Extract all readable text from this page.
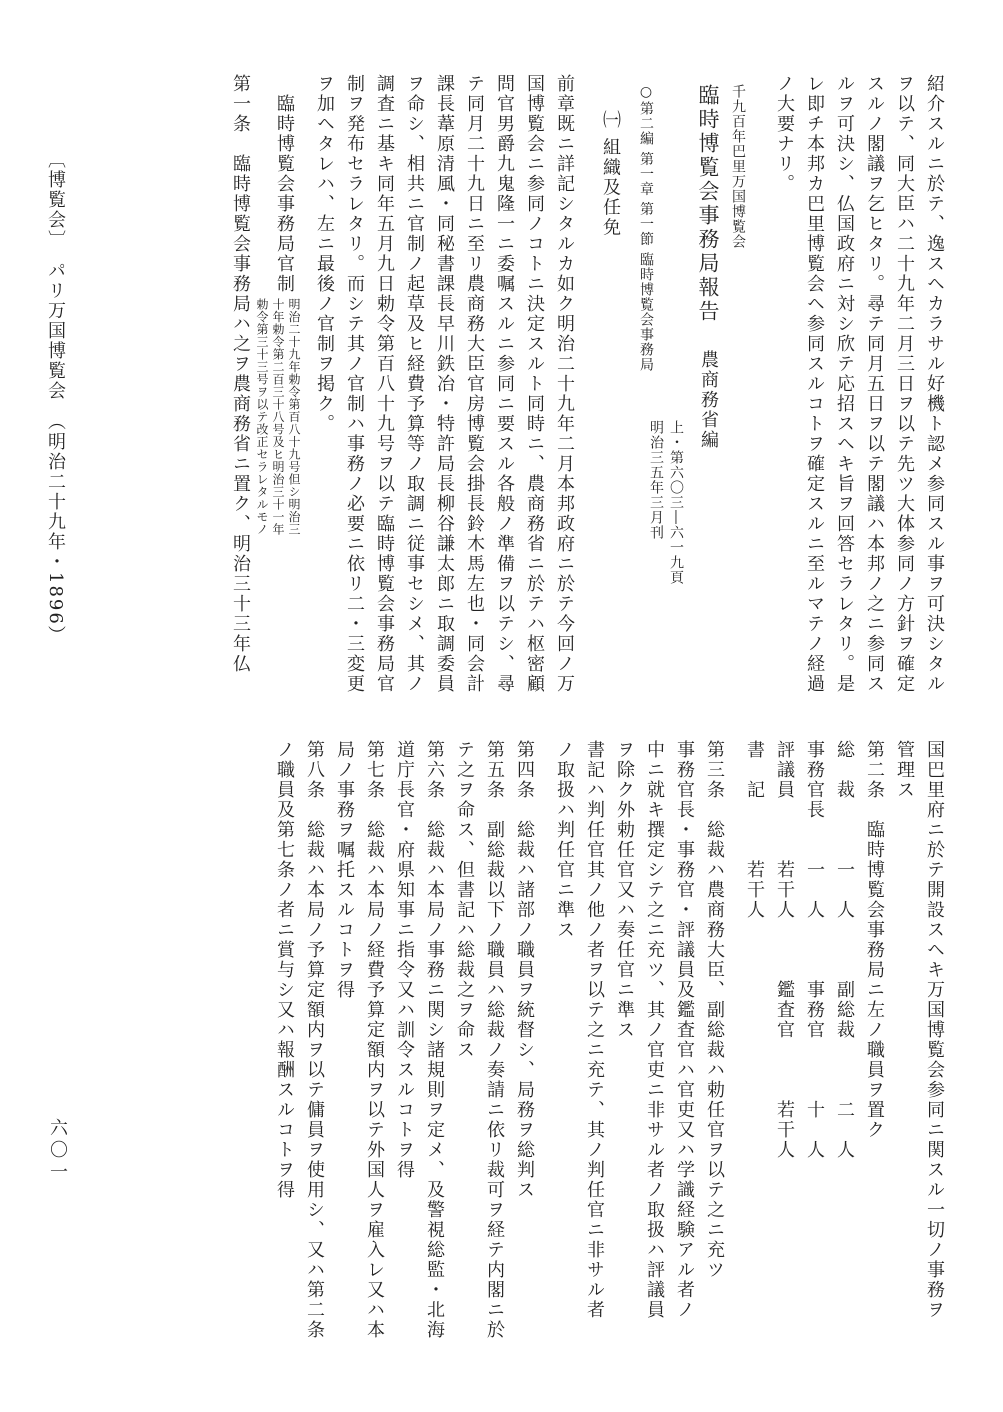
紹介スルニ於テ、逸スヘカラサル好機ト認メ参同スル事ヲ可決シタル
ヲ以テ、同大臣ハ二十九年二月三日ヲ以テ先ツ大体参同ノ方針ヲ確定
スルノ閣議ヲ乞ヒタリ。尋テ同月五日ヲ以テ閣議ハ本邦ノ之ニ参同ス
ルヲ可決シ、仏国政府ニ対シ欣テ応招スヘキ旨ヲ回答セラレタリ。是
レ即チ本邦カ巴里博覧会ヘ参同スルコトヲ確定スルニ至ルマテノ経過
ノ大要ナリ。
千九百年巴里万国博覧会
臨時博覧会事務局報告
農商務省編
上・第六〇三―六一九頁
明治三五年三月刊
○第二編 第一章 第一節 臨時博覧会事務局
㈠ 組織及任免
前章既ニ詳記シタルカ如ク明治二十九年二月本邦政府ニ於テ今回ノ万
国博覧会ニ参同ノコトニ決定スルト同時ニ、農商務省ニ於テハ枢密顧
問官男爵九鬼隆一ニ委嘱スルニ参同ニ要スル各般ノ準備ヲ以テシ、尋
テ同月二十九日ニ至リ農商務大臣官房博覧会掛長鈴木馬左也・同会計
課長葦原清風・同秘書課長早川鉄冶・特許局長柳谷謙太郎ニ取調委員
ヲ命シ、相共ニ官制ノ起草及ヒ経費予算等ノ取調ニ従事セシメ、其ノ
調査ニ基キ同年五月九日勅令第百八十九号ヲ以テ臨時博覧会事務局官
制ヲ発布セラレタリ。而シテ其ノ官制ハ事務ノ必要ニ依リ二・三変更
ヲ加ヘタレハ、左ニ最後ノ官制ヲ掲ク。
臨時博覧会事務局官制
明治二十九年勅令第百八十九号但シ明治三
十年勅令第二百三十八号及ヒ明治三十一年
勅令第三十三号ヲ以テ改正セラレタルモノ
第一条　臨時博覧会事務局ハ之ヲ農商務省ニ置ク、明治三十三年仏
国巴里府ニ於テ開設スヘキ万国博覧会参同ニ関スル一切ノ事務ヲ
管理ス
第二条　臨時博覧会事務局ニ左ノ職員ヲ置ク
総　裁　　　一　人　　　副総裁　　　二　人
事務官長　　一　人　　　事務官　　　十　人
評議員　　　若干人　　　鑑査官　　　若干人
書　記　　　若干人
第三条　総裁ハ農商務大臣、副総裁ハ勅任官ヲ以テ之ニ充ツ
事務官長・事務官・評議員及鑑査官ハ官吏又ハ学識経験アル者ノ
中ニ就キ撰定シテ之ニ充ツ、其ノ官吏ニ非サル者ノ取扱ハ評議員
ヲ除ク外勅任官又ハ奏任官ニ準ス
書記ハ判任官其ノ他ノ者ヲ以テ之ニ充テ、其ノ判任官ニ非サル者
ノ取扱ハ判任官ニ準ス
第四条　総裁ハ諸部ノ職員ヲ統督シ、局務ヲ総判ス
第五条　副総裁以下ノ職員ハ総裁ノ奏請ニ依リ裁可ヲ経テ内閣ニ於
テ之ヲ命ス、但書記ハ総裁之ヲ命ス
第六条　総裁ハ本局ノ事務ニ関シ諸規則ヲ定メ、及警視総監・北海
道庁長官・府県知事ニ指令又ハ訓令スルコトヲ得
第七条　総裁ハ本局ノ経費予算定額内ヲ以テ外国人ヲ雇入レ又ハ本
局ノ事務ヲ嘱托スルコトヲ得
第八条　総裁ハ本局ノ予算定額内ヲ以テ傭員ヲ使用シ、又ハ第二条
ノ職員及第七条ノ者ニ賞与シ又ハ報酬スルコトヲ得
〔博覧会〕　パリ万国博覧会　（明治二十九年・1896）
六〇一
